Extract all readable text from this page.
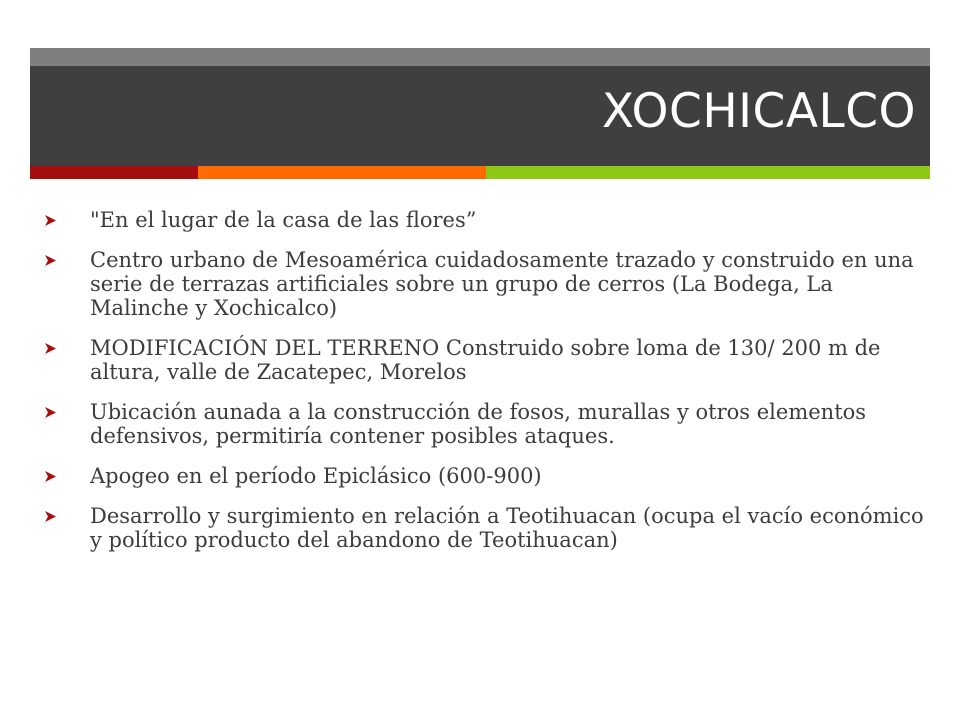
XOCHICALCO
"En el lugar de la casa de las flores”
Centro urbano de Mesoamérica cuidadosamente trazado y construido en una serie de terrazas artificiales sobre un grupo de cerros (La Bodega, La Malinche y Xochicalco)
MODIFICACIÓN DEL TERRENO Construido sobre loma de 130/ 200 m de altura, valle de Zacatepec, Morelos
Ubicación aunada a la construcción de fosos, murallas y otros elementos defensivos, permitiría contener posibles ataques.
Apogeo en el período Epiclásico (600-900)
Desarrollo y surgimiento en relación a Teotihuacan (ocupa el vacío económico y político producto del abandono de Teotihuacan)
